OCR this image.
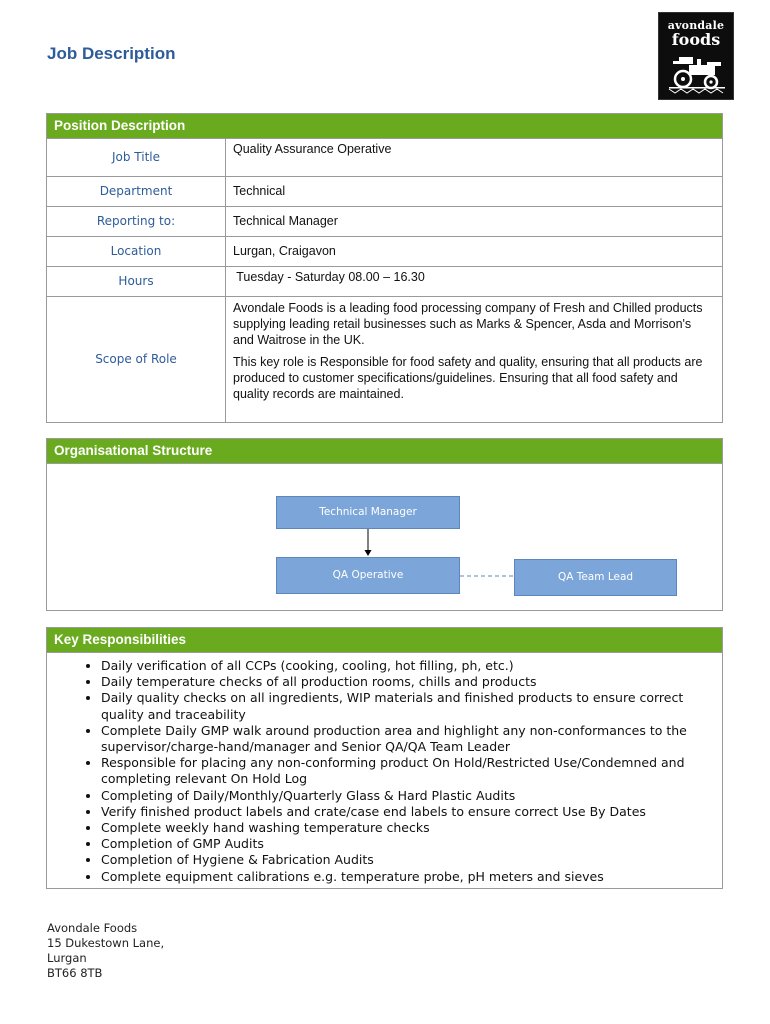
Job Description
avondale
foods
Position Description
Job Title	Quality Assurance Operative
Department	Technical
Reporting to:	Technical Manager
Location	Lurgan, Craigavon
Hours	Tuesday - Saturday 08.00 – 16.30
Scope of Role	Avondale Foods is a leading food processing company of Fresh and Chilled products supplying leading retail businesses such as Marks & Spencer, Asda and Morrison's and Waitrose in the UK.

This key role is Responsible for food safety and quality, ensuring that all products are produced to customer specifications/guidelines. Ensuring that all food safety and quality records are maintained.

Organisational Structure
Technical Manager
QA Operative	QA Team Lead
Key Responsibilities
• Daily verification of all CCPs (cooking, cooling, hot filling, ph, etc.)
• Daily temperature checks of all production rooms, chills and products
• Daily quality checks on all ingredients, WIP materials and finished products to ensure correct quality and traceability
• Complete Daily GMP walk around production area and highlight any non-conformances to the supervisor/charge-hand/manager and Senior QA/QA Team Leader
• Responsible for placing any non-conforming product On Hold/Restricted Use/Condemned and completing relevant On Hold Log
• Completing of Daily/Monthly/Quarterly Glass & Hard Plastic Audits
• Verify finished product labels and crate/case end labels to ensure correct Use By Dates
• Complete weekly hand washing temperature checks
• Completion of GMP Audits
• Completion of Hygiene & Fabrication Audits
• Complete equipment calibrations e.g. temperature probe, pH meters and sieves
Avondale Foods
15 Dukestown Lane,
Lurgan
BT66 8TB
